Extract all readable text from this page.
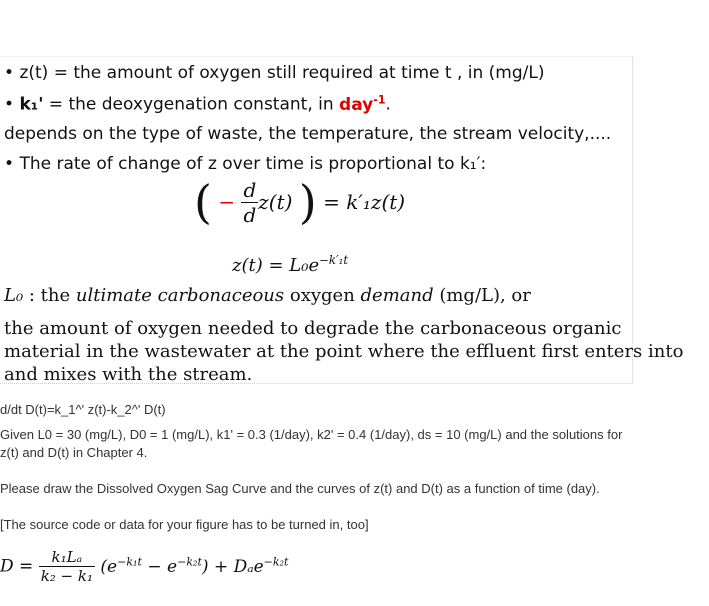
• z(t) = the amount of oxygen still required at time t , in (mg/L)
• k₁' = the deoxygenation constant, in day$^{-1}$.
depends on the type of waste, the temperature, the stream velocity,....
• The rate of change of z over time is proportional to k₁′:
( − $\frac{d}{d} z(t)$ ) = k′₁z(t)
$z(t) = L_0e^{-k'_1t}$
L₀ : the ultimate carbonaceous oxygen demand (mg/L), or
the amount of oxygen needed to degrade the carbonaceous organic
material in the wastewater at the point where the effluent first enters into
and mixes with the stream.
d/dt D(t)=k_1^' z(t)-k_2^' D(t)
Given L0 = 30 (mg/L), D0 = 1 (mg/L), k1' = 0.3 (1/day), k2' = 0.4 (1/day), ds = 10 (mg/L) and the solutions for
z(t) and D(t) in Chapter 4.
Please draw the Dissolved Oxygen Sag Curve and the curves of z(t) and D(t) as a function of time (day).
[The source code or data for your figure has to be turned in, too]
$D = \frac{\text{k₁Lₐ}}{\text{k₂ − k₁}} (e^{-k_1t} - e^{-k_2t}) + D_ae^{-k_2t}$
